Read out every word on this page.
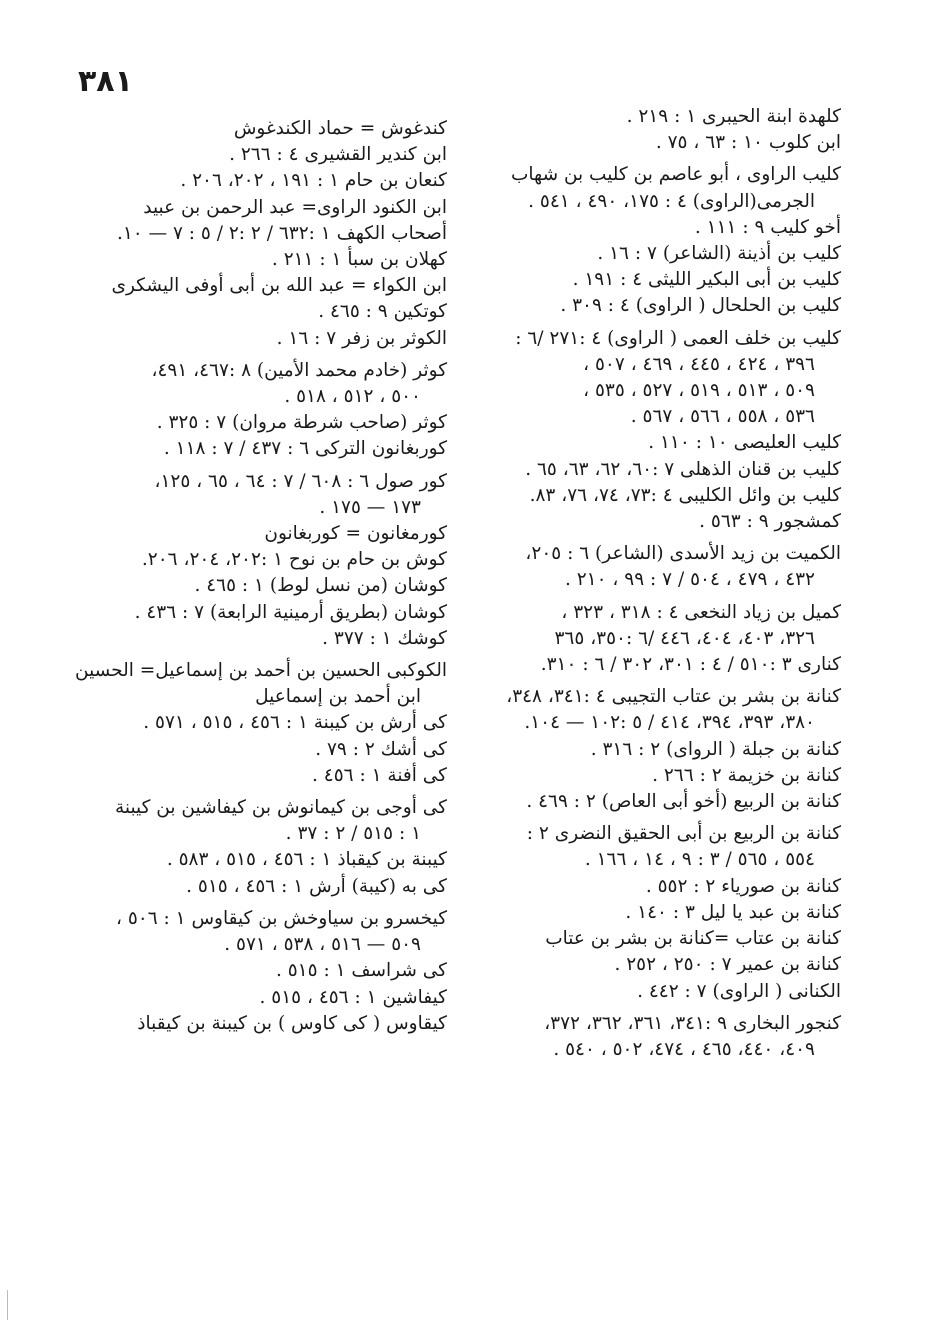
٣٨١
كلهدة ابنة الحيبرى ١ : ٢١٩ .
ابن كلوب ١٠ : ٦٣ ، ٧٥ .
كليب الراوى ، أبو عاصم بن كليب بن شهاب
الجرمى(الراوى) ٤ : ١٧٥، ٤٩٠ ، ٥٤١ .
أخو كليب ٩ : ١١١ .
كليب بن أذينة (الشاعر) ٧ : ١٦ .
كليب بن أبى البكير الليثى ٤ : ١٩١ .
كليب بن الحلحال ( الراوى) ٤ : ٣٠٩ .
كليب بن خلف العمى ( الراوى) ٤ :٢٧١ /٦ :
٣٩٦ ، ٤٢٤ ، ٤٤٥ ، ٤٦٩ ، ٥٠٧ ،
٥٠٩ ، ٥١٣ ، ٥١٩ ، ٥٢٧ ، ٥٣٥ ،
٥٣٦ ، ٥٥٨ ، ٥٦٦ ، ٥٦٧ .
كليب العليصى ١٠ : ١١٠ .
كليب بن قنان الذهلى ٧ :٦٠، ٦٢، ٦٣، ٦٥ .
كليب بن وائل الكليبى ٤ :٧٣، ٧٤، ٧٦، ٨٣.
كمشجور ٩ : ٥٦٣ .
الكميت بن زيد الأسدى (الشاعر) ٦ : ٢٠٥،
٤٣٢ ، ٤٧٩ ، ٥٠٤ / ٧ : ٩٩ ، ٢١٠ .
كميل بن زياد النخعى ٤ : ٣١٨ ، ٣٢٣ ،
٣٢٦، ٤٠٣، ٤٠٤، ٤٤٦ /٦ :٣٥٠، ٣٦٥
كنارى ٣ :٥١٠ / ٤ : ٣٠١، ٣٠٢ / ٦ : ٣١٠.
كنانة بن بشر بن عتاب التجيبى ٤ :٣٤١، ٣٤٨،
٣٨٠، ٣٩٣، ٣٩٤، ٤١٤ / ٥ :١٠٢ — ١٠٤.
كنانة بن جبلة ( الرواى) ٢ : ٣١٦ .
كنانة بن خزيمة ٢ : ٢٦٦ .
كنانة بن الربيع (أخو أبى العاص) ٢ : ٤٦٩ .
كنانة بن الربيع بن أبى الحقيق النضرى ٢ :
٥٥٤ ، ٥٦٥ / ٣ : ٩ ، ١٤ ، ١٦٦ .
كنانة بن صورياء ٢ : ٥٥٢ .
كنانة بن عبد يا ليل ٣ : ١٤٠ .
كنانة بن عتاب =كنانة بن بشر بن عتاب
كنانة بن عمير ٧ : ٢٥٠ ، ٢٥٢ .
الكنانى ( الراوى) ٧ : ٤٤٢ .
كنجور البخارى ٩ :٣٤١، ٣٦١، ٣٦٢، ٣٧٢،
٤٠٩، ٤٤٠، ٤٦٥ ، ٤٧٤، ٥٠٢ ، ٥٤٠ .
كندغوش = حماد الكندغوش
ابن كندير القشيرى ٤ : ٢٦٦ .
كنعان بن حام ١ : ١٩١ ، ٢٠٢، ٢٠٦ .
ابن الكنود الراوى= عبد الرحمن بن عبيد
أصحاب الكهف ١ :٦٣٢ / ٢ :٢ / ٥ : ٧ — ١٠.
كهلان بن سبأ ١ : ٢١١ .
ابن الكواء = عبد الله بن أبى أوفى اليشكرى
كوتكين ٩ : ٤٦٥ .
الكوثر بن زفر ٧ : ١٦ .
كوثر (خادم محمد الأمين) ٨ :٤٦٧، ٤٩١،
٥٠٠ ، ٥١٢ ، ٥١٨ .
كوثر (صاحب شرطة مروان) ٧ : ٣٢٥ .
كوربغانون التركى ٦ : ٤٣٧ / ٧ : ١١٨ .
كور صول ٦ : ٦٠٨ / ٧ : ٦٤ ، ٦٥ ، ١٢٥،
١٧٣ — ١٧٥ .
كورمغانون = كوربغانون
كوش بن حام بن نوح ١ :٢٠٢، ٢٠٤، ٢٠٦.
كوشان (من نسل لوط) ١ : ٤٦٥ .
كوشان (بطريق أرمينية الرابعة) ٧ : ٤٣٦ .
كوشك ١ : ٣٧٧ .
الكوكبى الحسين بن أحمد بن إسماعيل= الحسين
ابن أحمد بن إسماعيل
كى أرش بن كيبنة ١ : ٤٥٦ ، ٥١٥ ، ٥٧١ .
كى أشك ٢ : ٧٩ .
كى أفنة ١ : ٤٥٦ .
كى أوجى بن كيمانوش بن كيفاشين بن كيبنة
١ : ٥١٥ / ٢ : ٣٧ .
كيبنة بن كيقباذ ١ : ٤٥٦ ، ٥١٥ ، ٥٨٣ .
كى به (كيبة) أرش ١ : ٤٥٦ ، ٥١٥ .
كيخسرو بن سياوخش بن كيقاوس ١ : ٥٠٦ ،
٥٠٩ — ٥١٦ ، ٥٣٨ ، ٥٧١ .
كى شراسف ١ : ٥١٥ .
كيفاشين ١ : ٤٥٦ ، ٥١٥ .
كيقاوس ( كى كاوس ) بن كيبنة بن كيقباذ
